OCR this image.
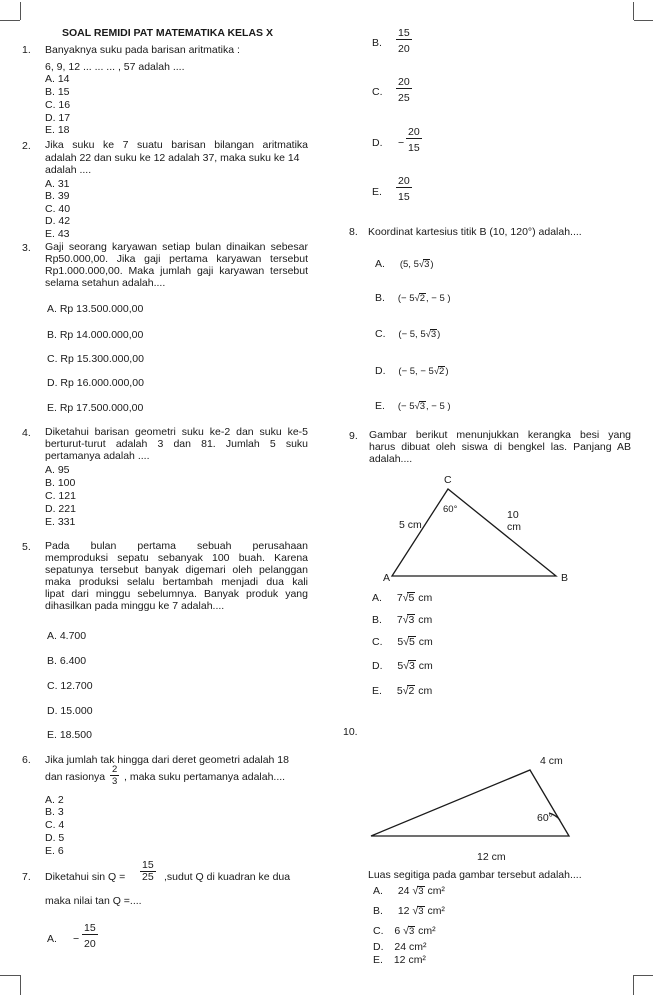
SOAL REMIDI PAT MATEMATIKA KELAS X
1. Banyaknya suku pada barisan aritmatika :
6, 9, 12 ... ... ... , 57 adalah ....
A. 14
B. 15
C. 16
D. 17
E. 18
2. Jika suku ke 7 suatu barisan bilangan aritmatika
adalah 22 dan suku ke 12 adalah 37, maka suku ke 14
adalah ....
A. 31
B. 39
C. 40
D. 42
E. 43
3. Gaji seorang karyawan setiap bulan dinaikan sebesar
Rp50.000,00. Jika gaji pertama karyawan tersebut
Rp1.000.000,00. Maka jumlah gaji karyawan tersebut
selama setahun adalah....
A. Rp 13.500.000,00
B. Rp 14.000.000,00
C. Rp 15.300.000,00
D. Rp 16.000.000,00
E. Rp 17.500.000,00
4. Diketahui barisan geometri suku ke-2 dan suku ke-5
berturut-turut adalah 3 dan 81. Jumlah 5 suku
pertamanya adalah ....
A. 95
B. 100
C. 121
D. 221
E. 331
5. Pada      bulan      pertama      sebuah      perusahaan
memproduksi sepatu sebanyak 100 buah. Karena
sepatunya tersebut banyak digemari oleh pelanggan
maka produksi selalu bertambah menjadi dua kali
lipat dari minggu sebelumnya. Banyak produk yang
dihasilkan pada minggu ke 7 adalah....
A. 4.700
B. 6.400
C. 12.700
D. 15.000
E. 18.500
6. Jika jumlah tak hingga dari deret geometri adalah 18
dan rasionya $\frac{2}{3}$ , maka suku pertamanya adalah....
A. 2
B. 3
C. 4
D. 5
E. 6
7. Diketahui $\sin Q = \frac{15}{25}$ ,sudut Q di kuadran ke dua
maka nilai tan Q =....
A. − $\frac{15}{20}$
B. $\frac{15}{20}$
C. $\frac{20}{25}$
D. − $\frac{20}{15}$
E. $\frac{20}{15}$
8. Koordinat kartesius titik B (10, 120°) adalah....
A. (5, 5√3)
B. (− 5√2, − 5 )
C. (− 5, 5√3)
D. (− 5, − 5√2)
E. (− 5√3, − 5 )
9. Gambar berikut menunjukkan kerangka besi yang
harus dibuat oleh siswa di bengkel las. Panjang AB
adalah....
C
A	B
60°
5 cm
10
cm
A. 7√5 cm
B. 7√3 cm
C. 5√5 cm
D. 5√3 cm
E. 5√2 cm
10.
4 cm
60°
12 cm
Luas segitiga pada gambar tersebut adalah....
A. 24 √3 cm²
B. 12 √3 cm²
C. 6 √3 cm²
D. 24 cm²
E. 12 cm²
